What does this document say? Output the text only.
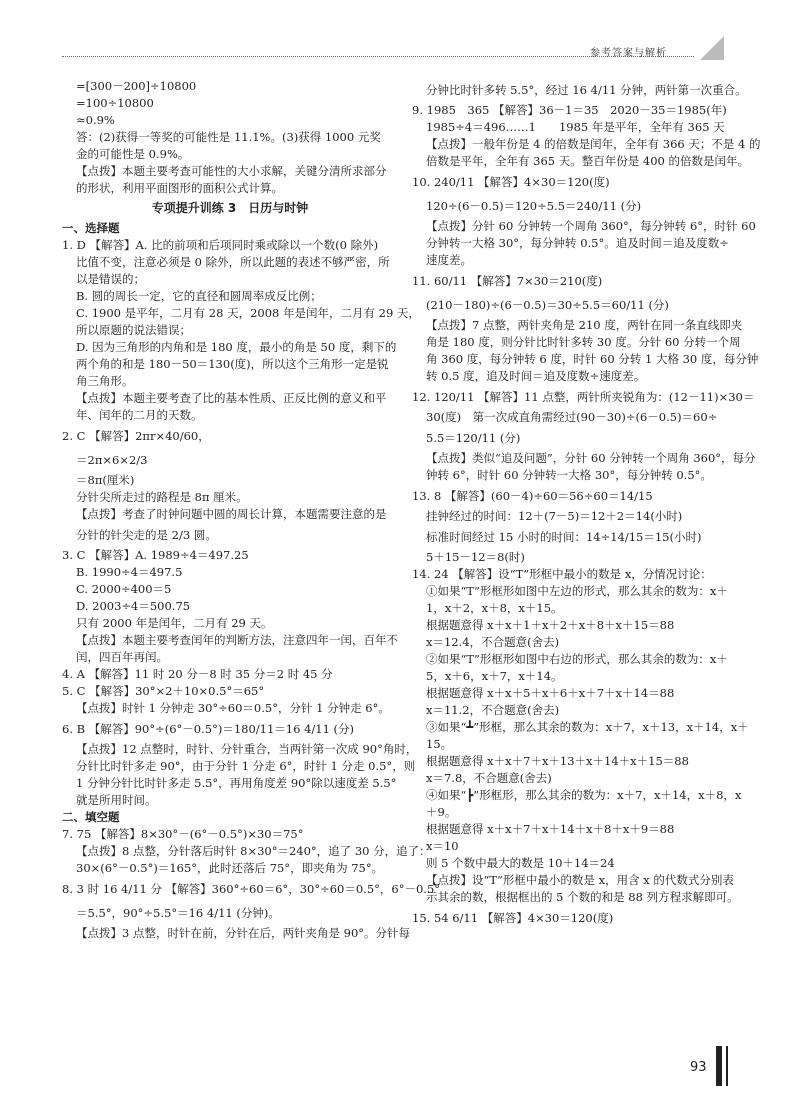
参考答案与解析
=[300－200]÷10800
=100÷10800
≈0.9%
答：(2)获得一等奖的可能性是 11.1%。(3)获得 1000 元奖
金的可能性是 0.9%。
【点拨】本题主要考查可能性的大小求解，关键分清所求部分
的形状，利用平面图形的面积公式计算。
专项提升训练 3　日历与时钟
一、选择题
1. D 【解答】A. 比的前项和后项同时乘或除以一个数(0 除外)
比值不变，注意必须是 0 除外，所以此题的表述不够严密，所
以是错误的；
B. 圆的周长一定，它的直径和圆周率成反比例；
C. 1900 是平年，二月有 28 天，2008 年是闰年，二月有 29 天，
所以原题的说法错误；
D. 因为三角形的内角和是 180 度，最小的角是 50 度，剩下的
两个角的和是 180－50＝130(度)，所以这个三角形一定是锐
角三角形。
【点拨】本题主要考查了比的基本性质、正反比例的意义和平
年、闰年的二月的天数。
2. C 【解答】2πr×40/60，
＝2π×6×2/3
＝8π(厘米)
分针尖所走过的路程是 8π 厘米。
【点拨】考查了时钟问题中圆的周长计算，本题需要注意的是
分针的针尖走的是 2/3 圆。
3. C 【解答】A. 1989÷4＝497.25
B. 1990÷4＝497.5
C. 2000÷400＝5
D. 2003÷4＝500.75
只有 2000 年是闰年，二月有 29 天。
【点拨】本题主要考查闰年的判断方法，注意四年一闰，百年不
闰，四百年再闰。
4. A 【解答】11 时 20 分－8 时 35 分＝2 时 45 分
5. C 【解答】30°×2＋10×0.5°＝65°
【点拨】时针 1 分钟走 30°÷60＝0.5°，分针 1 分钟走 6°。
6. B 【解答】90°÷(6°－0.5°)＝180/11＝16 4/11 (分)
【点拨】12 点整时，时针、分针重合，当两针第一次成 90°角时，
分针比时针多走 90°，由于分针 1 分走 6°，时针 1 分走 0.5°，则
1 分钟分针比时针多走 5.5°，再用角度差 90°除以速度差 5.5°
就是所用时间。
二、填空题
7. 75 【解答】8×30°－(6°－0.5°)×30＝75°
【点拨】8 点整，分针落后时针 8×30°＝240°，追了 30 分，追了：
30×(6°－0.5°)＝165°，此时还落后 75°，即夹角为 75°。
8. 3 时 16 4/11 分 【解答】360°÷60＝6°，30°÷60＝0.5°，6°－0.5°
＝5.5°，90°÷5.5°＝16 4/11 (分钟)。
【点拨】3 点整，时针在前，分针在后，两针夹角是 90°。分针每
分钟比时针多转 5.5°，经过 16 4/11 分钟，两针第一次重合。
9. 1985　365 【解答】36－1＝35　2020－35＝1985(年)
1985÷4＝496……1　　1985 年是平年，全年有 365 天
【点拨】一般年份是 4 的倍数是闰年，全年有 366 天；不是 4 的
倍数是平年，全年有 365 天。整百年份是 400 的倍数是闰年。
10. 240/11 【解答】4×30＝120(度)
120÷(6－0.5)＝120÷5.5＝240/11 (分)
【点拨】分针 60 分钟转一个周角 360°，每分钟转 6°，时针 60
分钟转一大格 30°，每分钟转 0.5°。追及时间＝追及度数÷
速度差。
11. 60/11 【解答】7×30＝210(度)
(210－180)÷(6－0.5)＝30÷5.5＝60/11 (分)
【点拨】7 点整，两针夹角是 210 度，两针在同一条直线即夹
角是 180 度，则分针比时针多转 30 度。分针 60 分转一个周
角 360 度，每分钟转 6 度，时针 60 分转 1 大格 30 度，每分钟
转 0.5 度，追及时间＝追及度数÷速度差。
12. 120/11 【解答】11 点整，两针所夹锐角为：(12－11)×30＝
30(度)　第一次成直角需经过(90－30)÷(6－0.5)＝60÷
5.5＝120/11 (分)
【点拨】类似“追及问题”，分针 60 分钟转一个周角 360°，每分
钟转 6°，时针 60 分钟转一大格 30°，每分钟转 0.5°。
13. 8 【解答】(60－4)÷60＝56÷60＝14/15
挂钟经过的时间：12＋(7－5)＝12＋2＝14(小时)
标准时间经过 15 小时的时间：14÷14/15＝15(小时)
5＋15－12＝8(时)
14. 24 【解答】设“T”形框中最小的数是 x，分情况讨论：
①如果“T”形框形如图中左边的形式，那么其余的数为：x＋
1，x＋2，x＋8，x＋15。
根据题意得 x＋x＋1＋x＋2＋x＋8＋x＋15＝88
x＝12.4，不合题意(舍去)
②如果“T”形框形如图中右边的形式，那么其余的数为：x＋
5，x＋6，x＋7，x＋14。
根据题意得 x＋x＋5＋x＋6＋x＋7＋x＋14＝88
x＝11.2，不合题意(舍去)
③如果“┻”形框，那么其余的数为：x＋7，x＋13，x＋14，x＋
15。
根据题意得 x＋x＋7＋x＋13＋x＋14＋x＋15＝88
x＝7.8，不合题意(舍去)
④如果“┣”形框形，那么其余的数为：x＋7，x＋14，x＋8，x
＋9。
根据题意得 x＋x＋7＋x＋14＋x＋8＋x＋9＝88
x＝10
则 5 个数中最大的数是 10＋14＝24
【点拨】设“T”形框中最小的数是 x，用含 x 的代数式分别表
示其余的数，根据框出的 5 个数的和是 88 列方程求解即可。
15. 54 6/11 【解答】4×30＝120(度)
93
